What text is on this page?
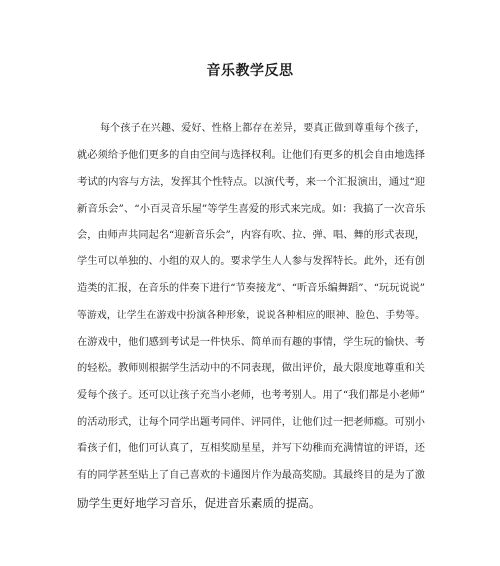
音乐教学反思
每个孩子在兴趣、爱好、性格上都存在差异，要真正做到尊重每个孩子，
就必须给予他们更多的自由空间与选择权利。让他们有更多的机会自由地选择
考试的内容与方法，发挥其个性特点。以演代考，来一个汇报演出，通过“迎
新音乐会”、“小百灵音乐屋”等学生喜爱的形式来完成。如：我搞了一次音乐
会，由师声共同起名“迎新音乐会”，内容有吹、拉、弹、唱、舞的形式表现，
学生可以单独的、小组的双人的。要求学生人人参与发挥特长。此外，还有创
造类的汇报，在音乐的伴奏下进行“节奏接龙”、“听音乐编舞蹈”、“玩玩说说”
等游戏，让学生在游戏中扮演各种形象，说说各种相应的眼神、脸色、手势等。
在游戏中，他们感到考试是一件快乐、简单而有趣的事情，学生玩的愉快、考
的轻松。教师则根据学生活动中的不同表现，做出评价，最大限度地尊重和关
爱每个孩子。还可以让孩子充当小老师，也考考别人。用了“我们都是小老师”
的活动形式，让每个同学出题考同伴、评同伴，让他们过一把老师瘾。可别小
看孩子们，他们可认真了，互相奖励星星，并写下幼稚而充满情谊的评语，还
有的同学甚至贴上了自己喜欢的卡通图片作为最高奖励。其最终目的是为了激
励学生更好地学习音乐，促进音乐素质的提高。
